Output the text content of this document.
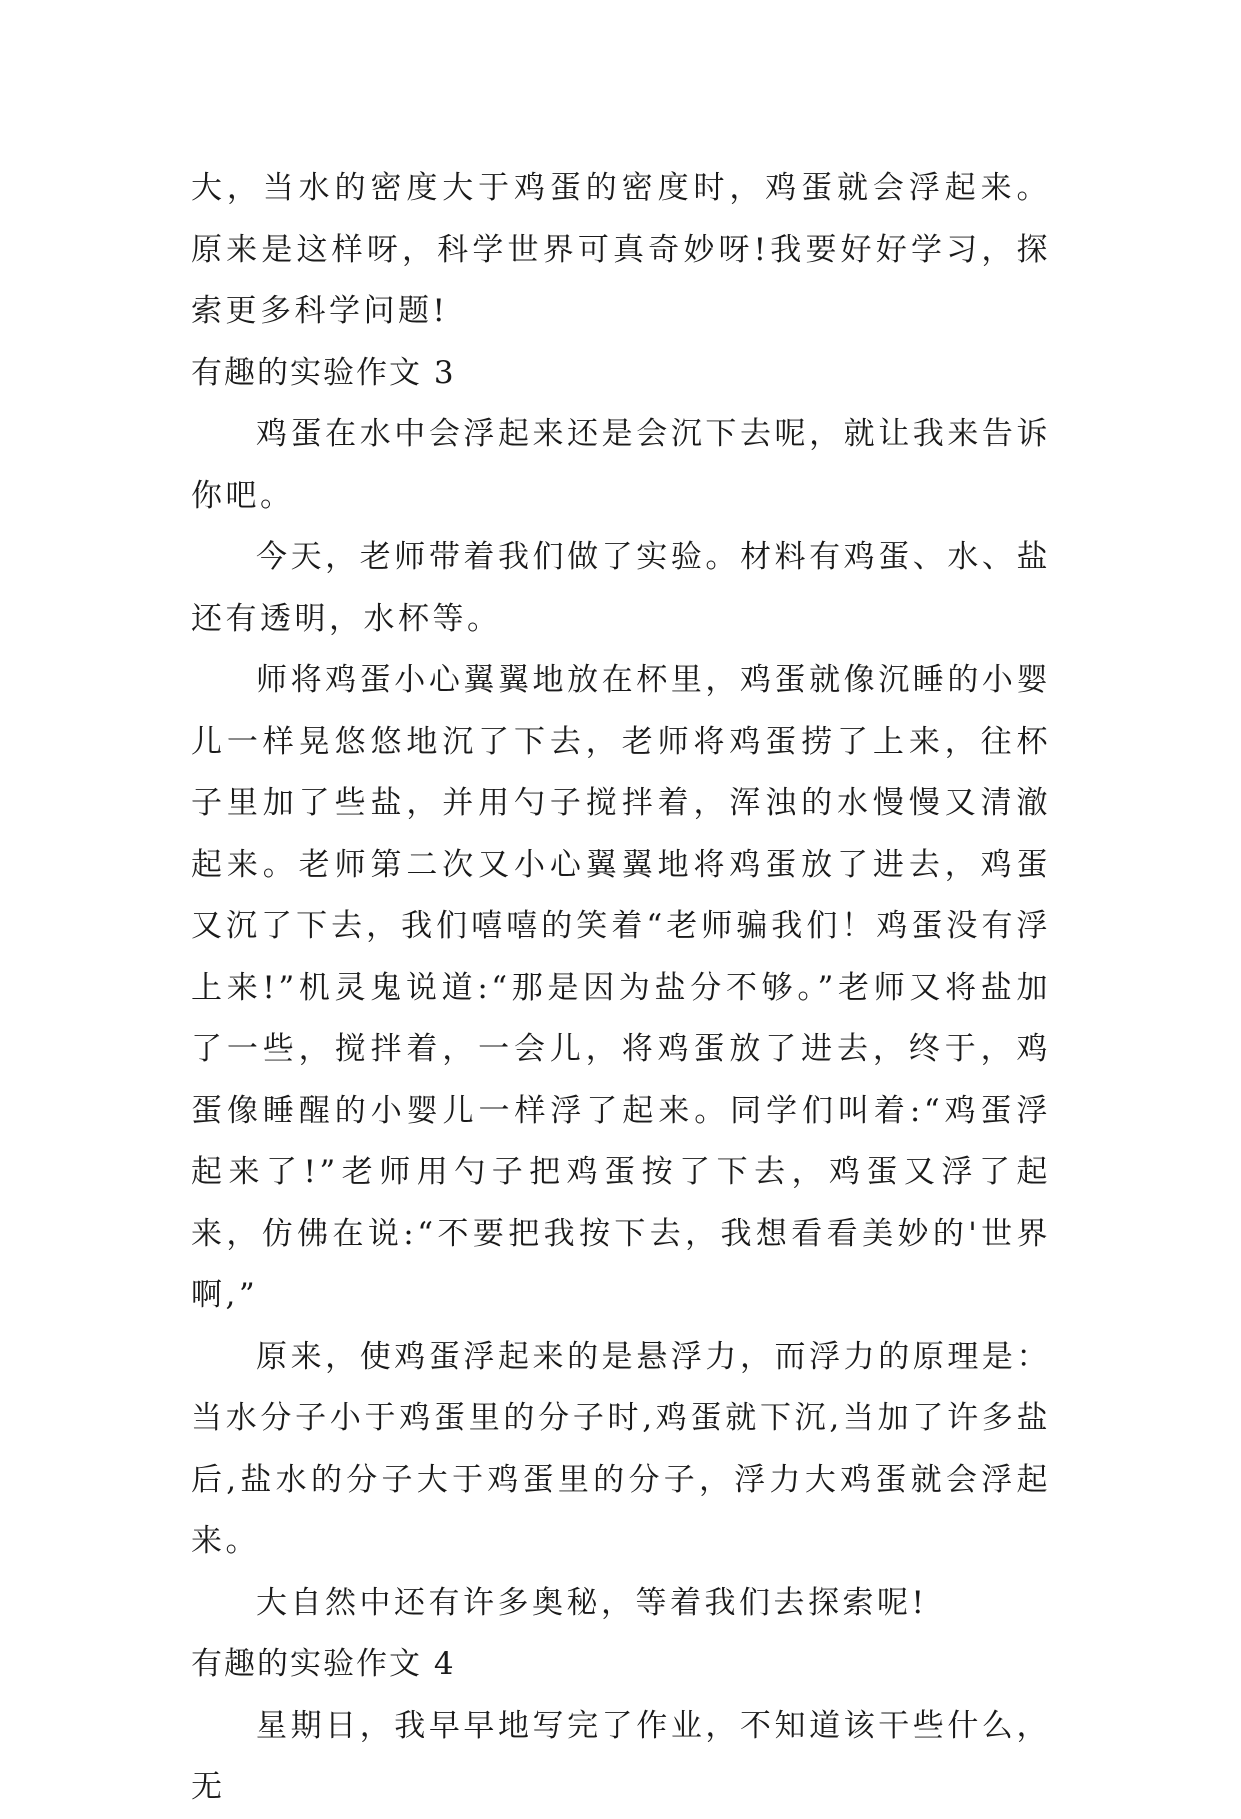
大，当水的密度大于鸡蛋的密度时，鸡蛋就会浮起来。原来是这样呀，科学世界可真奇妙呀!我要好好学习，探索更多科学问题!

有趣的实验作文 3

鸡蛋在水中会浮起来还是会沉下去呢，就让我来告诉你吧。

今天，老师带着我们做了实验。材料有鸡蛋、水、盐还有透明，水杯等。

师将鸡蛋小心翼翼地放在杯里，鸡蛋就像沉睡的小婴儿一样晃悠悠地沉了下去，老师将鸡蛋捞了上来，往杯子里加了些盐，并用勺子搅拌着，浑浊的水慢慢又清澈起来。老师第二次又小心翼翼地将鸡蛋放了进去，鸡蛋又沉了下去，我们嘻嘻的笑着“老师骗我们！鸡蛋没有浮上来!”机灵鬼说道:“那是因为盐分不够。”老师又将盐加了一些，搅拌着，一会儿，将鸡蛋放了进去，终于，鸡蛋像睡醒的小婴儿一样浮了起来。同学们叫着:“鸡蛋浮起来了!”老师用勺子把鸡蛋按了下去，鸡蛋又浮了起来，仿佛在说:“不要把我按下去，我想看看美妙的'世界啊,”

原来，使鸡蛋浮起来的是悬浮力，而浮力的原理是：当水分子小于鸡蛋里的分子时,鸡蛋就下沉,当加了许多盐后,盐水的分子大于鸡蛋里的分子，浮力大鸡蛋就会浮起来。

大自然中还有许多奥秘，等着我们去探索呢!

有趣的实验作文 4

星期日，我早早地写完了作业，不知道该干些什么，无
